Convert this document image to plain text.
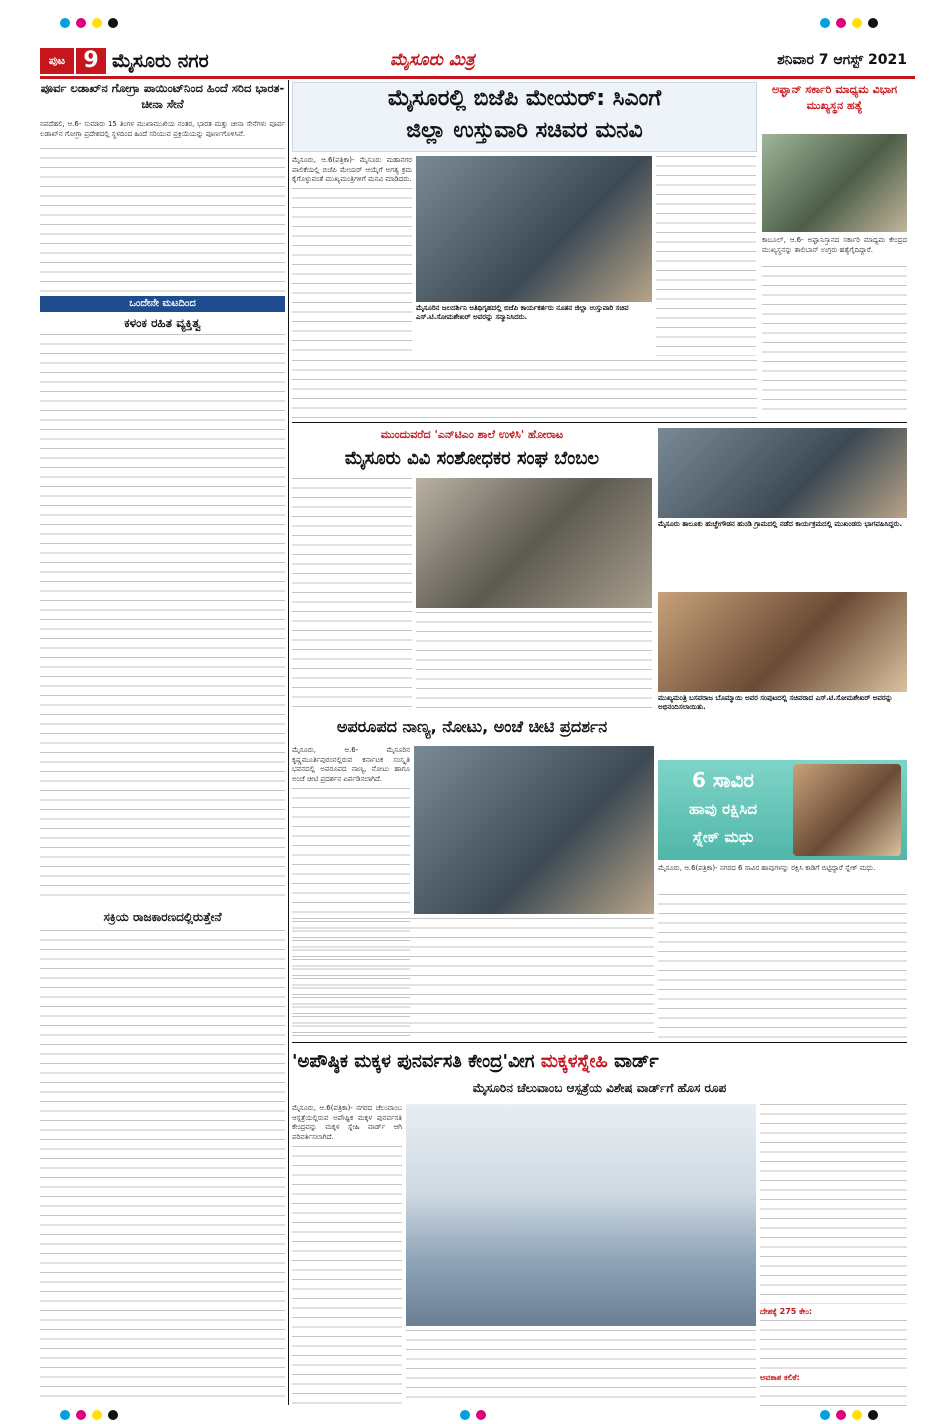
ಪುಟ 9 ಮೈಸೂರು ನಗರ	ಮೈಸೂರು ಮಿತ್ರ	ಶನಿವಾರ 7 ಆಗಸ್ಟ್ 2021
ಪೂರ್ವ ಲಡಾಖ್‌ನ ಗೋಗ್ರಾ ಪಾಯಿಂಟ್‌ನಿಂದ ಹಿಂದೆ ಸರಿದ ಭಾರತ-ಚೀನಾ ಸೇನೆ
ನವದೆಹಲಿ, ಆ.6- ಸುಮಾರು 15 ತಿಂಗಳ ಮುಖಾಮುಖಿಯ ನಂತರ, ಭಾರತ ಮತ್ತು ಚೀನಾ ಸೇನೆಗಳು ಪೂರ್ವ ಲಡಾಖ್‌ನ ಗೋಗ್ರಾ ಪ್ರದೇಶದಲ್ಲಿ ಸ್ಥಳದಿಂದ ಹಿಂದೆ ಸರಿಯುವ ಪ್ರಕ್ರಿಯೆಯನ್ನು ಪೂರ್ಣಗೊಳಿಸಿವೆ.
ಒಂದೇನೇ ಮಟದಿಂದ
ಕಳಂಕ ರಹಿತ ವ್ಯಕ್ತಿತ್ವ
ಸಕ್ರಿಯ ರಾಜಕಾರಣದಲ್ಲಿರುತ್ತೇನೆ
ಮೈಸೂರಲ್ಲಿ ಬಿಜೆಪಿ ಮೇಯರ್: ಸಿಎಂಗೆ
ಜಿಲ್ಲಾ ಉಸ್ತುವಾರಿ ಸಚಿವರ ಮನವಿ
ಮೈಸೂರು, ಆ.6(ಪತ್ರಿಕಾ)- ಮೈಸೂರು ಮಹಾನಗರ ಪಾಲಿಕೆಯಲ್ಲಿ ಬಿಜೆಪಿ ಮೇಯರ್ ಆಯ್ಕೆಗೆ ಅಗತ್ಯ ಕ್ರಮ ಕೈಗೊಳ್ಳುವಂತೆ ಮುಖ್ಯಮಂತ್ರಿಗಳಿಗೆ ಮನವಿ ಮಾಡಿದರು.
ಮೈಸೂರಿನ ಜಲದರ್ಶಿನಿ ಅತಿಥಿಗೃಹದಲ್ಲಿ ಬಿಜೆಪಿ ಕಾರ್ಯಕರ್ತರು ನೂತನ ಜಿಲ್ಲಾ ಉಸ್ತುವಾರಿ ಸಚಿವ ಎಸ್.ಟಿ.ಸೋಮಶೇಖರ್ ಅವರನ್ನು ಸನ್ಮಾನಿಸಿದರು.
ಅಫ್ಘಾನ್ ಸರ್ಕಾರಿ ಮಾಧ್ಯಮ ವಿಭಾಗ ಮುಖ್ಯಸ್ಥನ ಹತ್ಯೆ
ಕಾಬೂಲ್, ಆ.6- ಅಫ್ಘಾನಿಸ್ತಾನದ ಸರ್ಕಾರಿ ಮಾಧ್ಯಮ ಕೇಂದ್ರದ ಮುಖ್ಯಸ್ಥನನ್ನು ತಾಲಿಬಾನ್ ಉಗ್ರರು ಹತ್ಯೆಗೈದಿದ್ದಾರೆ.
ಮುಂದುವರೆದ 'ಎನ್‌ಟಿಎಂ ಶಾಲೆ ಉಳಿಸಿ' ಹೋರಾಟ
ಮೈಸೂರು ವಿವಿ ಸಂಶೋಧಕರ ಸಂಘ ಬೆಂಬಲ
ಮೈಸೂರು ತಾಲೂಕು ಹುಚ್ಚೇಗೌಡನ ಹುಂಡಿ ಗ್ರಾಮದಲ್ಲಿ ನಡೆದ ಕಾರ್ಯಕ್ರಮದಲ್ಲಿ ಮುಖಂಡರು ಭಾಗವಹಿಸಿದ್ದರು.
ಮುಖ್ಯಮಂತ್ರಿ ಬಸವರಾಜ ಬೊಮ್ಮಾಯಿ ಅವರ ಸಂಪುಟದಲ್ಲಿ ಸಚಿವರಾದ ಎಸ್.ಟಿ.ಸೋಮಶೇಖರ್ ಅವರನ್ನು ಅಭಿನಂದಿಸಲಾಯಿತು.
ಅಪರೂಪದ ನಾಣ್ಯ, ನೋಟು, ಅಂಚೆ ಚೀಟಿ ಪ್ರದರ್ಶನ
ಮೈಸೂರು, ಆ.6- ಮೈಸೂರಿನ ಕೃಷ್ಣಮೂರ್ತಿಪುರಂನಲ್ಲಿರುವ ಕರ್ನಾಟಕ ಸಂಸ್ಕೃತಿ ಭವನದಲ್ಲಿ ಅಪರೂಪದ ನಾಣ್ಯ, ನೋಟು ಹಾಗೂ ಅಂಚೆ ಚೀಟಿ ಪ್ರದರ್ಶನ ಏರ್ಪಡಿಸಲಾಗಿದೆ.	6 ಸಾವಿರ
ಹಾವು ರಕ್ಷಿಸಿದ
ಸ್ನೇಕ್ ಮಧು
ಮೈಸೂರು, ಆ.6(ಪತ್ರಿಕಾ)- ನಗರದ 6 ಸಾವಿರ ಹಾವುಗಳನ್ನು ರಕ್ಷಿಸಿ ಕಾಡಿಗೆ ಬಿಟ್ಟಿದ್ದಾರೆ ಸ್ನೇಕ್ ಮಧು.
'ಅಪೌಷ್ಠಿಕ ಮಕ್ಕಳ ಪುನರ್ವಸತಿ ಕೇಂದ್ರ'ವೀಗ ಮಕ್ಕಳಸ್ನೇಹಿ ವಾರ್ಡ್
ಮೈಸೂರಿನ ಚೆಲುವಾಂಬ ಆಸ್ಪತ್ರೆಯ ವಿಶೇಷ ವಾರ್ಡ್‌ಗೆ ಹೊಸ ರೂಪ
ಮೈಸೂರು, ಆ.6(ಪತ್ರಿಕಾ)- ನಗರದ ಚೆಲುವಾಂಬ ಆಸ್ಪತ್ರೆಯಲ್ಲಿರುವ ಅಪೌಷ್ಟಿಕ ಮಕ್ಕಳ ಪುನರ್ವಸತಿ ಕೇಂದ್ರವನ್ನು ಮಕ್ಕಳ ಸ್ನೇಹಿ ವಾರ್ಡ್ ಆಗಿ ಪರಿವರ್ತಿಸಲಾಗಿದೆ.
ದೇಶಕ್ಕೆ 275 ಕೇಂ:
ಅವಕಾಶ ಕಲಿಕೆ:
